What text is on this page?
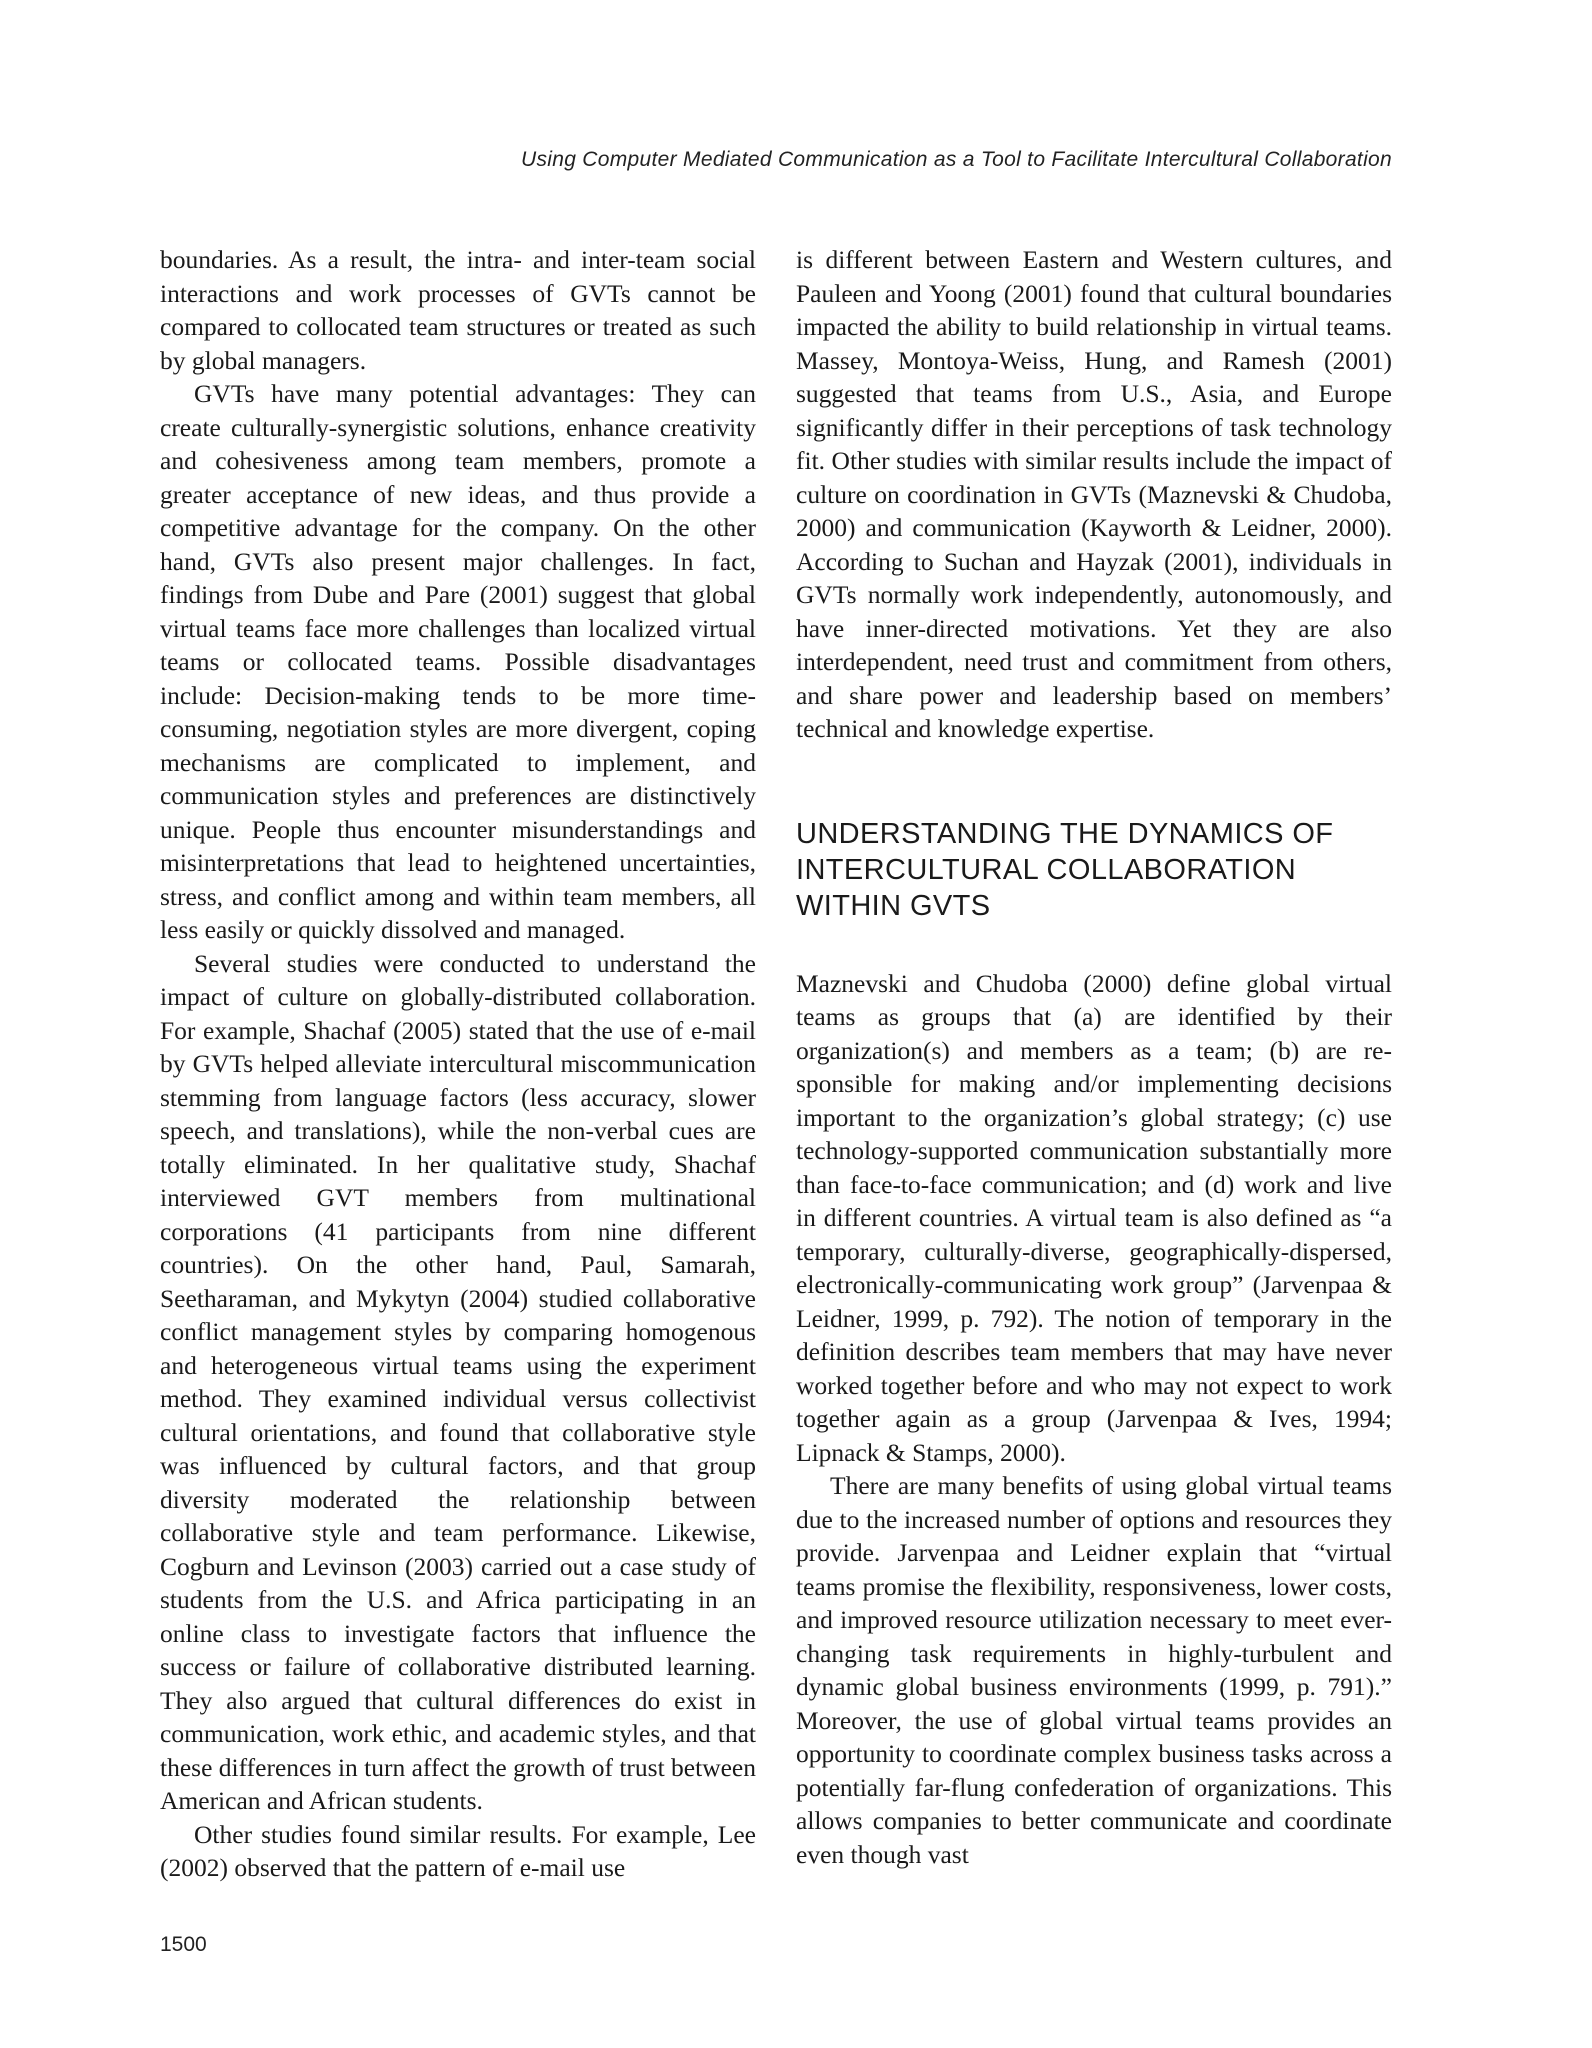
Using Computer Mediated Communication as a Tool to Facilitate Intercultural Collaboration

boundaries. As a result, the intra- and inter-team social interactions and work processes of GVTs cannot be compared to collocated team structures or treated as such by global managers.

GVTs have many potential advantages: They can create culturally-synergistic solutions, enhance creativity and cohesiveness among team members, promote a greater acceptance of new ideas, and thus provide a competitive advantage for the company. On the other hand, GVTs also present major challenges. In fact, findings from Dube and Pare (2001) suggest that global virtual teams face more challenges than localized virtual teams or collocated teams. Possible disadvantages include: Decision-making tends to be more time-consuming, negotiation styles are more divergent, coping mechanisms are complicated to implement, and communication styles and preferences are distinctively unique. People thus encounter misunderstandings and misinterpretations that lead to heightened uncertainties, stress, and conflict among and within team members, all less easily or quickly dissolved and managed.

Several studies were conducted to understand the impact of culture on globally-distributed collaboration. For example, Shachaf (2005) stated that the use of e-mail by GVTs helped alleviate intercultural miscommunication stemming from language factors (less accuracy, slower speech, and translations), while the non-verbal cues are totally eliminated. In her qualitative study, Shachaf interviewed GVT members from multinational corporations (41 participants from nine different countries). On the other hand, Paul, Samarah, Seetharaman, and Mykytyn (2004) studied collaborative conflict management styles by comparing homogenous and heterogeneous virtual teams using the experiment method. They examined individual versus collectivist cultural orientations, and found that collaborative style was influenced by cultural factors, and that group diversity moderated the relationship between collaborative style and team performance. Likewise, Cogburn and Levinson (2003) carried out a case study of students from the U.S. and Africa participating in an online class to investigate factors that influence the success or failure of collaborative distributed learning. They also argued that cultural differences do exist in communication, work ethic, and academic styles, and that these differences in turn affect the growth of trust between American and African students.

Other studies found similar results. For example, Lee (2002) observed that the pattern of e-mail use

is different between Eastern and Western cultures, and Pauleen and Yoong (2001) found that cultural boundaries impacted the ability to build relationship in virtual teams. Massey, Montoya-Weiss, Hung, and Ramesh (2001) suggested that teams from U.S., Asia, and Europe significantly differ in their perceptions of task technology fit. Other studies with similar results include the impact of culture on coordination in GVTs (Maznevski & Chudoba, 2000) and communication (Kayworth & Leidner, 2000). According to Suchan and Hayzak (2001), individuals in GVTs normally work independently, autonomously, and have inner-directed motivations. Yet they are also interdependent, need trust and commitment from others, and share power and leadership based on members’ technical and knowledge expertise.

UNDERSTANDING THE DYNAMICS OF INTERCULTURAL COLLABORATION WITHIN GVTS

Maznevski and Chudoba (2000) define global virtual teams as groups that (a) are identified by their organization(s) and members as a team; (b) are responsible for making and/or implementing decisions important to the organization’s global strategy; (c) use technology-supported communication substantially more than face-to-face communication; and (d) work and live in different countries. A virtual team is also defined as “a temporary, culturally-diverse, geographically-dispersed, electronically-communicating work group” (Jarvenpaa & Leidner, 1999, p. 792). The notion of temporary in the definition describes team members that may have never worked together before and who may not expect to work together again as a group (Jarvenpaa & Ives, 1994; Lipnack & Stamps, 2000).

There are many benefits of using global virtual teams due to the increased number of options and resources they provide. Jarvenpaa and Leidner explain that “virtual teams promise the flexibility, responsiveness, lower costs, and improved resource utilization necessary to meet ever-changing task requirements in highly-turbulent and dynamic global business environments (1999, p. 791).” Moreover, the use of global virtual teams provides an opportunity to coordinate complex business tasks across a potentially far-flung confederation of organizations. This allows companies to better communicate and coordinate even though vast

1500
